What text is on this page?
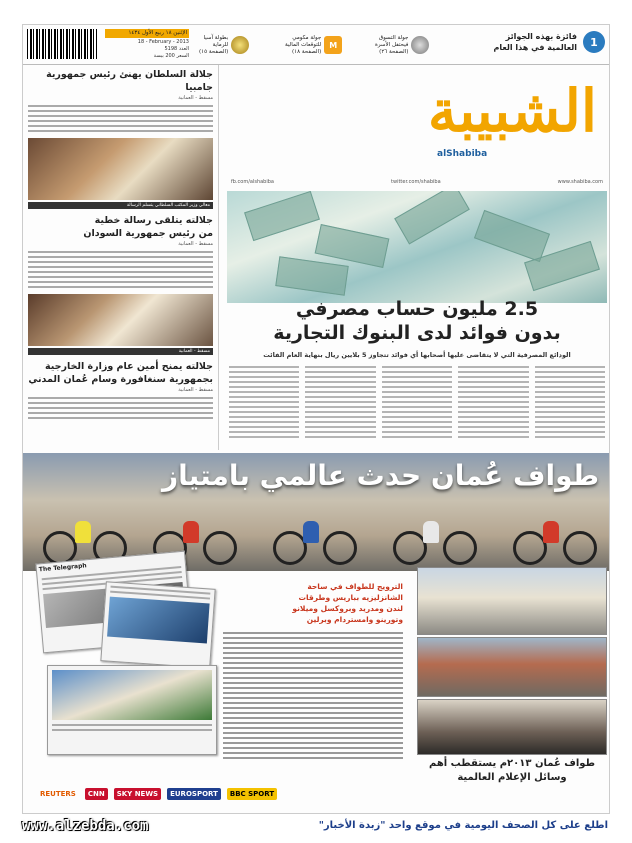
الإثنين ١٨ ربيع الأول ١٤٣٤
18 - February - 2013
العدد 5198
السعر 200 بيسة
بطولة آسيا
للرماية
(الصفحة ١٥)
M
جولة مكومي
للتوقعات المالية
(الصفحة ١٨)
جولة التسوق
فيحتفل الأسرة
(الصفحة ٢٦)
1
فائزة بهذه الجوائز
العالمية في هذا العام
جلالة السلطان يهنئ رئيس جمهورية جامبيا
مسقط - العمانية
معالي وزير المكتب السلطاني يتسلم الرسالة
جلالته يتلقى رسالة خطية
من رئيس جمهورية السودان
مسقط - العمانية
مسقط - العمانية
جلالته يمنح أمين عام وزارة الخارجية
بجمهورية سنغافورة وسام عُمان المدني
مسقط - العمانية
الشبيبة
alShabiba
fb.com/alshabiba	twitter.com/shabiba	www.shabiba.com
2.5 مليون حساب مصرفي
بدون فوائد لدى البنوك التجارية
الودائع المصرفية التي لا يتقاضى عليها أصحابها أي فوائد تتجاوز 5 بلايين ريال بنهاية العام الفائت
طواف عُمان حدث عالمي بامتياز
The Telegraph
الترويج للطواف في ساحة
الشانزليزيه بباريس وطرقات
لندن ومدريد وبروكسل وميلانو
وتورينو وامستردام وبرلين
طواف عُمان ٢٠١٣م يستقطب أهم
وسائل الإعلام العالمية
REUTERS	CNN	SKY NEWS	EUROSPORT	BBC SPORT
www.alzebda.com	اطلع على كل الصحف اليومية في موقع واحد "زبدة الأخبار"
